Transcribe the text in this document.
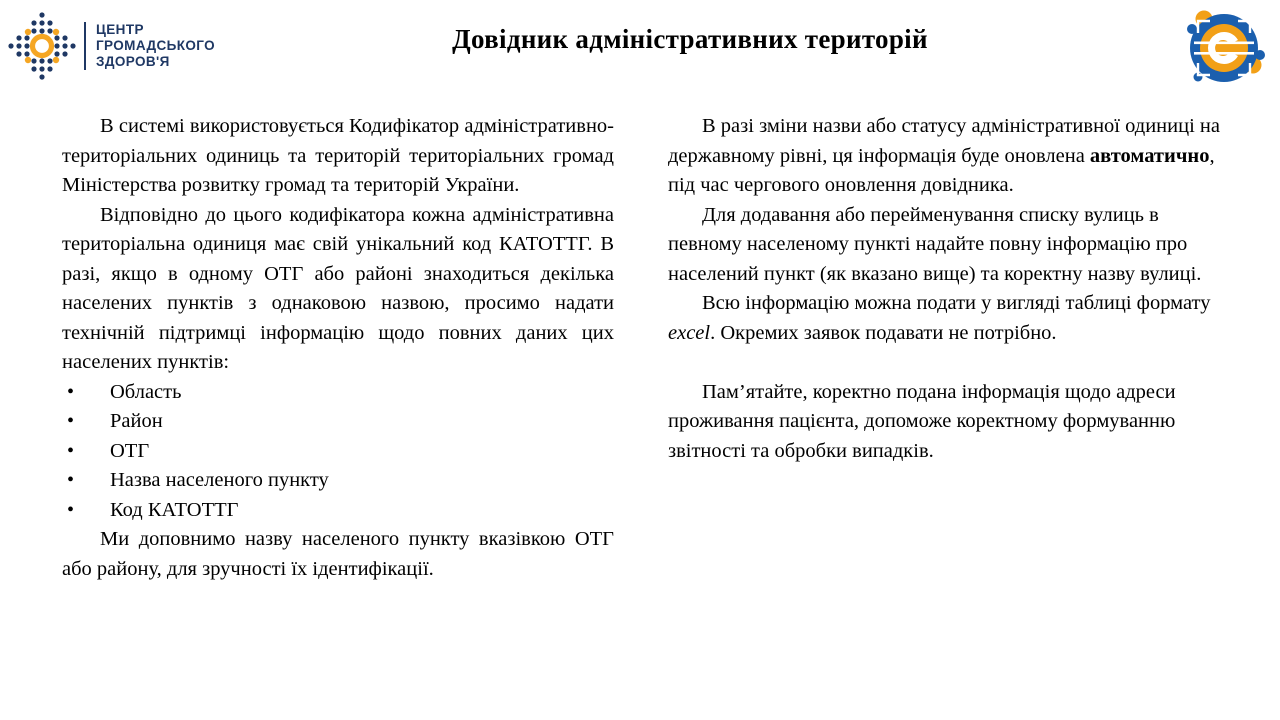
ЦЕНТР
ГРОМАДСЬКОГО
ЗДОРОВ'Я
Довідник адміністративних територій

В системі використовується Кодифікатор адміністративно-територіальних одиниць та територій територіальних громад Міністерства розвитку громад та територій України.

Відповідно до цього кодифікатора кожна адміністративна територіальна одиниця має свій унікальний код КАТОТТГ. В разі, якщо в одному ОТГ або районі знаходиться декілька населених пунктів з однаковою назвою, просимо надати технічній підтримці інформацію щодо повних даних цих населених пунктів:

• Область
• Район
• ОТГ
• Назва населеного пункту
• Код КАТОТТГ

Ми доповнимо назву населеного пункту вказівкою ОТГ або району, для зручності їх ідентифікації.

В разі зміни назви або статусу адміністративної одиниці на державному рівні, ця інформація буде оновлена автоматично, під час чергового оновлення довідника.

Для додавання або перейменування списку вулиць в певному населеному пункті надайте повну інформацію про населений пункт (як вказано вище) та коректну назву вулиці.

Всю інформацію можна подати у вигляді таблиці формату excel. Окремих заявок подавати не потрібно.

Пам’ятайте, коректно подана інформація щодо адреси проживання пацієнта, допоможе коректному формуванню звітності та обробки випадків.
